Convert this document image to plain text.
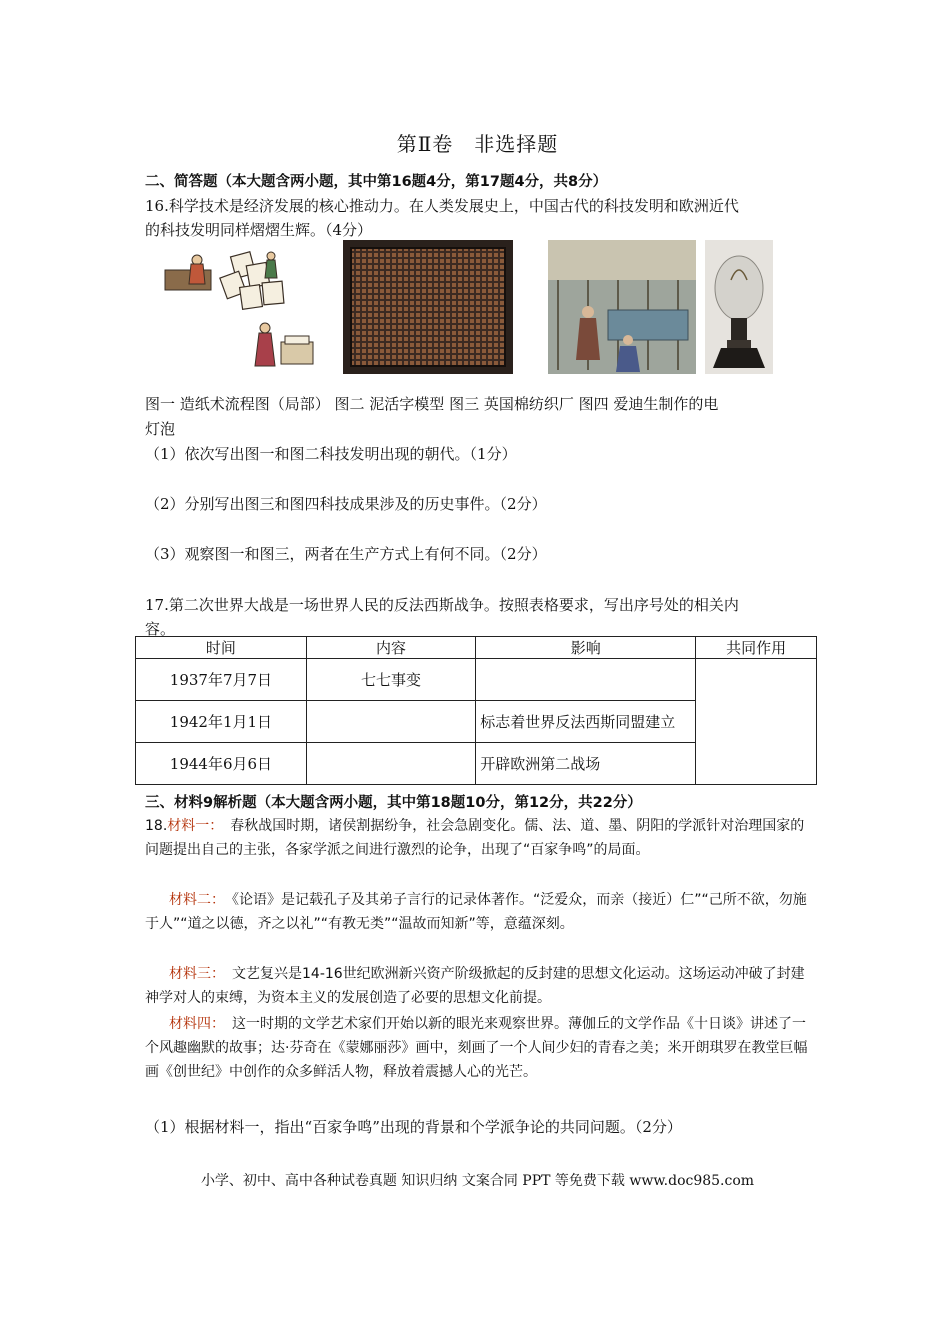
第Ⅱ卷　非选择题
二、简答题（本大题含两小题，其中第16题4分，第17题4分，共8分）
16.科学技术是经济发展的核心推动力。在人类发展史上，中国古代的科技发明和欧洲近代
的科技发明同样熠熠生辉。（4分）
图一 造纸术流程图（局部） 图二 泥活字模型 图三 英国棉纺织厂 图四 爱迪生制作的电
灯泡
（1）依次写出图一和图二科技发明出现的朝代。（1分）
（2）分别写出图三和图四科技成果涉及的历史事件。（2分）
（3）观察图一和图三，两者在生产方式上有何不同。（2分）
17.第二次世界大战是一场世界人民的反法西斯战争。按照表格要求，写出序号处的相关内
容。
时间	内容	影响	共同作用
1937年7月7日	七七事变		
1942年1月1日		标志着世界反法西斯同盟建立	
1944年6月6日		开辟欧洲第二战场	
三、材料9解析题（本大题含两小题，其中第18题10分，第12分，共22分）
18.材料一：　 春秋战国时期，诸侯割据纷争，社会急剧变化。儒、法、道、墨、阴阳的学派针对治理国家的问题提出自己的主张，各家学派之间进行激烈的论争，出现了“百家争鸣”的局面。
材料二：　 《论语》是记载孔子及其弟子言行的记录体著作。“泛爱众，而亲（接近）仁”“己所不欲，勿施于人”“道之以德，齐之以礼”“有教无类”“温故而知新”等，意蕴深刻。
材料三：　 文艺复兴是14-16世纪欧洲新兴资产阶级掀起的反封建的思想文化运动。这场运动冲破了封建神学对人的束缚，为资本主义的发展创造了必要的思想文化前提。
材料四：　 这一时期的文学艺术家们开始以新的眼光来观察世界。薄伽丘的文学作品《十日谈》讲述了一个风趣幽默的故事；达·芬奇在《蒙娜丽莎》画中，刻画了一个人间少妇的青春之美；米开朗琪罗在教堂巨幅画《创世纪》中创作的众多鲜活人物，释放着震撼人心的光芒。
（1）根据材料一，指出“百家争鸣”出现的背景和个学派争论的共同问题。（2分）
小学、初中、高中各种试卷真题 知识归纳 文案合同 PPT 等免费下载 www.doc985.com
